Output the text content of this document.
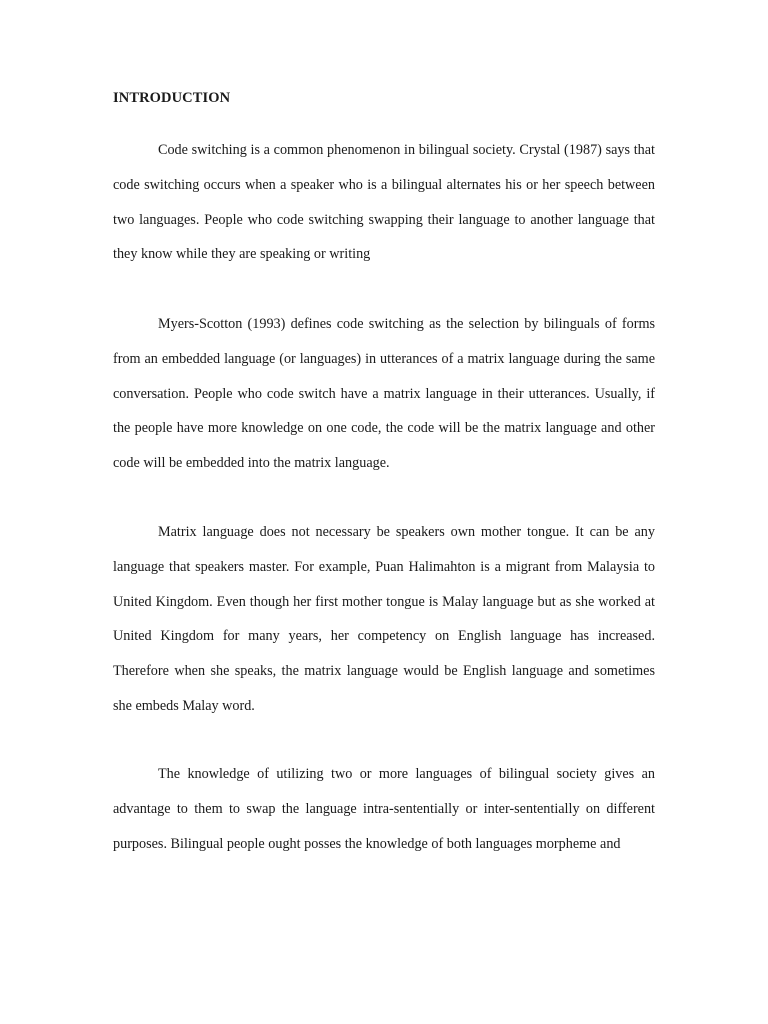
INTRODUCTION

Code switching is a common phenomenon in bilingual society. Crystal (1987) says that code switching occurs when a speaker who is a bilingual alternates his or her speech between two languages. People who code switching swapping their language to another language that they know while they are speaking or writing

Myers-Scotton (1993) defines code switching as the selection by bilinguals of forms from an embedded language (or languages) in utterances of a matrix language during the same conversation. People who code switch have a matrix language in their utterances. Usually, if the people have more knowledge on one code, the code will be the matrix language and other code will be embedded into the matrix language.

Matrix language does not necessary be speakers own mother tongue. It can be any language that speakers master. For example, Puan Halimahton is a migrant from Malaysia to United Kingdom. Even though her first mother tongue is Malay language but as she worked at United Kingdom for many years, her competency on English language has increased. Therefore when she speaks, the matrix language would be English language and sometimes she embeds Malay word.

The knowledge of utilizing two or more languages of bilingual society gives an advantage to them to swap the language intra-sententially or inter-sententially on different purposes. Bilingual people ought posses the knowledge of both languages morpheme and
